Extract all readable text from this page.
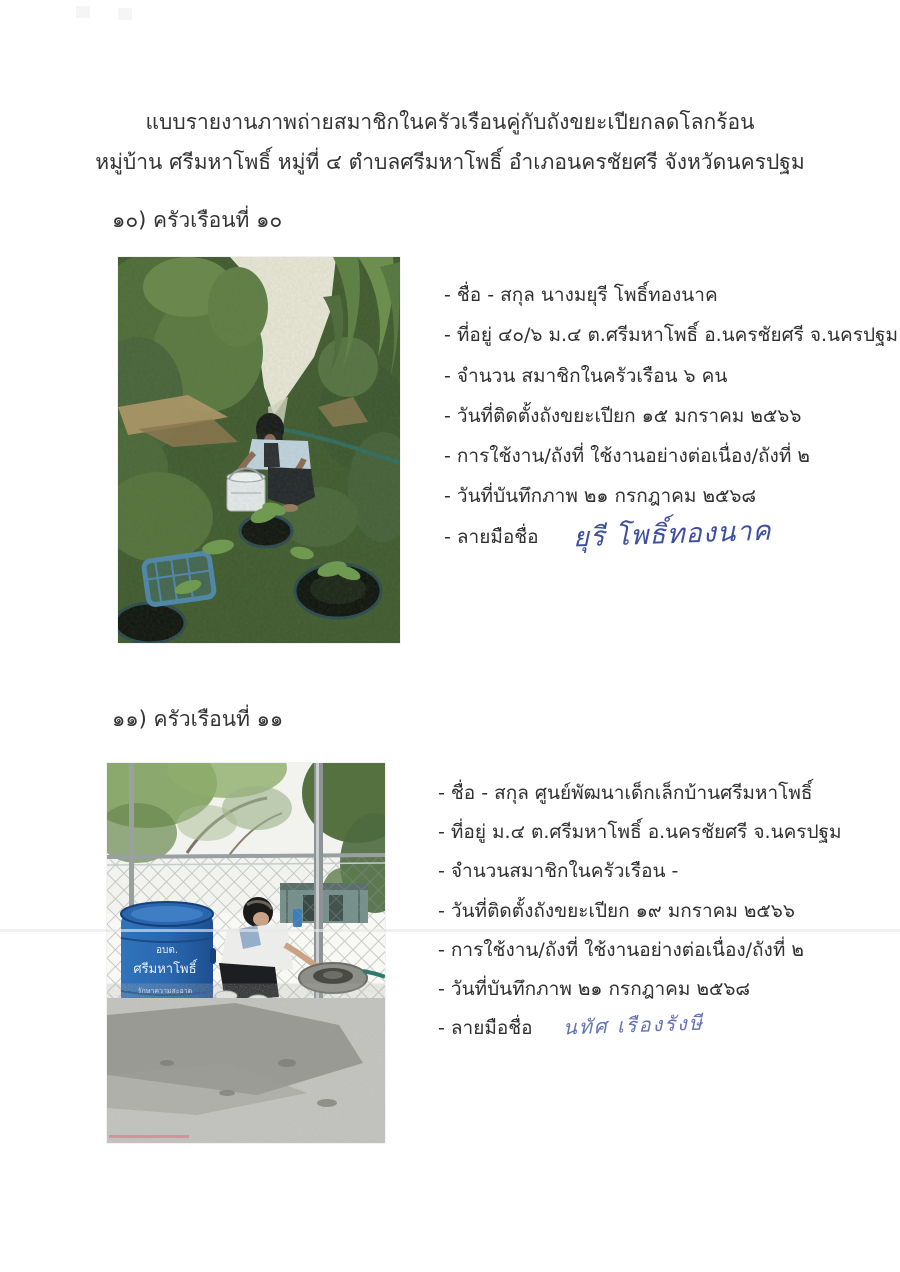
แบบรายงานภาพถ่ายสมาชิกในครัวเรือนคู่กับถังขยะเปียกลดโลกร้อน
หมู่บ้าน ศรีมหาโพธิ์ หมู่ที่ ๔ ตำบลศรีมหาโพธิ์ อำเภอนครชัยศรี จังหวัดนครปฐม
๑๐) ครัวเรือนที่ ๑๐
- ชื่อ - สกุล นางมยุรี โพธิ์ทองนาค
- ที่อยู่ ๔๐/๖ ม.๔ ต.ศรีมหาโพธิ์ อ.นครชัยศรี จ.นครปฐม
- จำนวน สมาชิกในครัวเรือน ๖ คน
- วันที่ติดตั้งถังขยะเปียก ๑๕ มกราคม ๒๕๖๖
- การใช้งาน/ถังที่ ใช้งานอย่างต่อเนื่อง/ถังที่ ๒
- วันที่บันทึกภาพ ๒๑ กรกฎาคม ๒๕๖๘
- ลายมือชื่อ ยุรี โพธิ์ทองนาค
๑๑) ครัวเรือนที่ ๑๑
อบต.
ศรีมหาโพธิ์
รักษาความสะอาด
- ชื่อ - สกุล ศูนย์พัฒนาเด็กเล็กบ้านศรีมหาโพธิ์
- ที่อยู่ ม.๔ ต.ศรีมหาโพธิ์ อ.นครชัยศรี จ.นครปฐม
- จำนวนสมาชิกในครัวเรือน -
- วันที่ติดตั้งถังขยะเปียก ๑๙ มกราคม ๒๕๖๖
- การใช้งาน/ถังที่ ใช้งานอย่างต่อเนื่อง/ถังที่ ๒
- วันที่บันทึกภาพ ๒๑ กรกฎาคม ๒๕๖๘
- ลายมือชื่อ นทัศ เรืองรังษี
